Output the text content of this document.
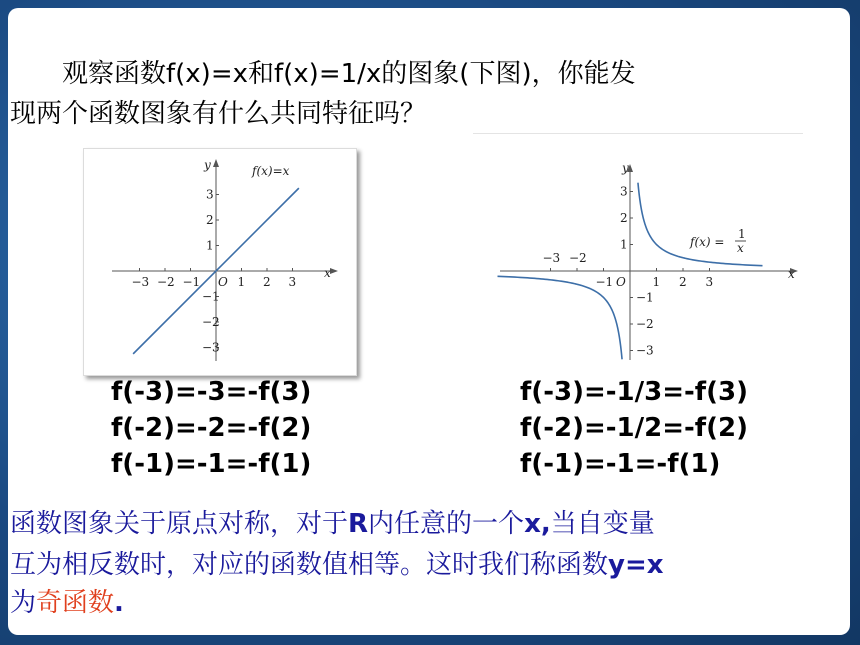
观察函数f(x)=x和f(x)=1/x的图象(下图)，你能发
现两个函数图象有什么共同特征吗？
x
y
O
−3 −2 −1	1 2 3
−3
−2
−1
1
2
3
f(x)=x
x
y
O
−3 −2
−1	1 2 3
−3
−2
−1
1
2
3
f(x) =
1
x
f(-3)=-3=-f(3)
f(-2)=-2=-f(2)
f(-1)=-1=-f(1)
f(-3)=-1/3=-f(3)
f(-2)=-1/2=-f(2)
f(-1)=-1=-f(1)
函数图象关于原点对称，对于R内任意的一个x,当自变量
互为相反数时，对应的函数值相等。这时我们称函数y=x
为奇函数.
